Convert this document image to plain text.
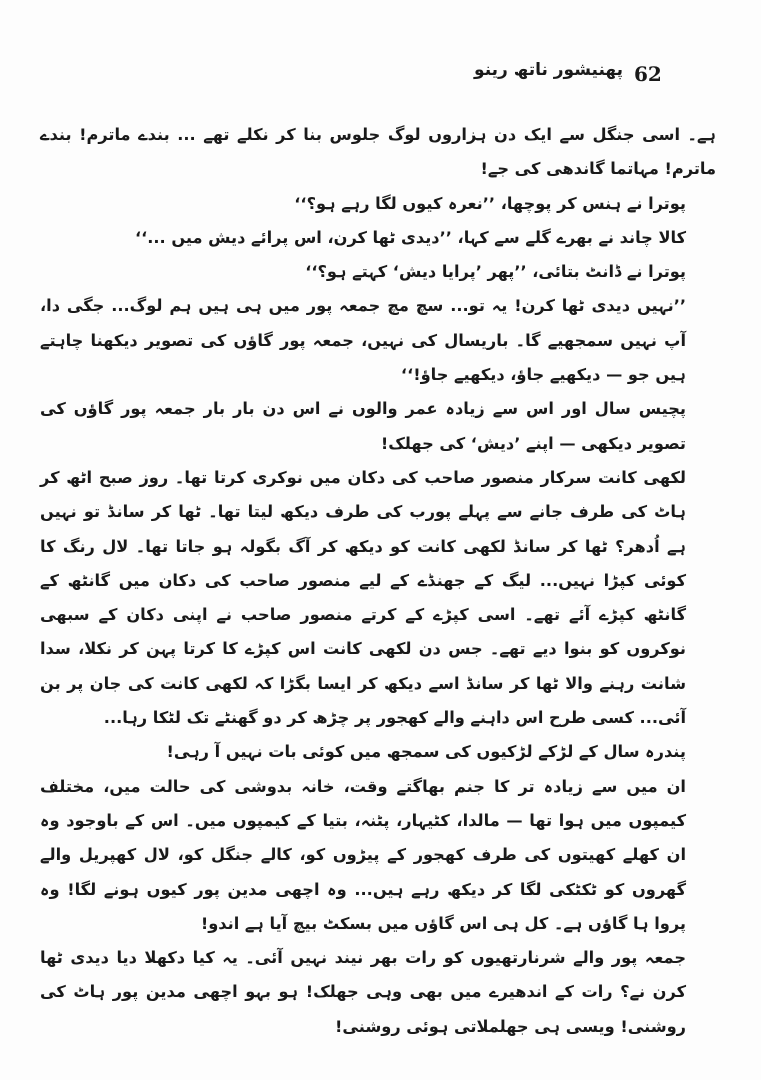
62
پھنیشور ناتھ رینو

ہے۔ اسی جنگل سے ایک دن ہزاروں لوگ جلوس بنا کر نکلے تھے ... بندے ماترم! بندے ماترم! مہاتما گاندھی کی جے!

پوترا نے ہنس کر پوچھا، ’’نعرہ کیوں لگا رہے ہو؟‘‘

کالا چاند نے بھرے گلے سے کہا، ’’دیدی ٹھا کرن، اس پرائے دیش میں ...‘‘

پوترا نے ڈانٹ بتائی، ’’پھر ’پرایا دیش‘ کہتے ہو؟‘‘

’’نہیں دیدی ٹھا کرن! یہ تو... سچ مچ جمعہ پور میں ہی ہیں ہم لوگ... جگی دا، آپ نہیں سمجھیے گا۔ باریسال کی نہیں، جمعہ پور گاؤں کی تصویر دیکھنا چاہتے ہیں جو — دیکھیے جاؤ، دیکھیے جاؤ!‘‘

پچیس سال اور اس سے زیادہ عمر والوں نے اس دن بار بار جمعہ پور گاؤں کی تصویر دیکھی — اپنے ’دیش‘ کی جھلک!

لکھی کانت سرکار منصور صاحب کی دکان میں نوکری کرتا تھا۔ روز صبح اٹھ کر ہاٹ کی طرف جانے سے پہلے پورب کی طرف دیکھ لیتا تھا۔ ٹھا کر سانڈ تو نہیں ہے اُدھر؟ ٹھا کر سانڈ لکھی کانت کو دیکھ کر آگ بگولہ ہو جاتا تھا۔ لال رنگ کا کوئی کپڑا نہیں... لیگ کے جھنڈے کے لیے منصور صاحب کی دکان میں گانٹھ کے گانٹھ کپڑے آئے تھے۔ اسی کپڑے کے کرتے منصور صاحب نے اپنی دکان کے سبھی نوکروں کو بنوا دیے تھے۔ جس دن لکھی کانت اس کپڑے کا کرتا پہن کر نکلا، سدا شانت رہنے والا ٹھا کر سانڈ اسے دیکھ کر ایسا بگڑا کہ لکھی کانت کی جان پر بن آئی... کسی طرح اس داہنے والے کھجور پر چڑھ کر دو گھنٹے تک لٹکا رہا...

پندرہ سال کے لڑکے لڑکیوں کی سمجھ میں کوئی بات نہیں آ رہی!

ان میں سے زیادہ تر کا جنم بھاگتے وقت، خانہ بدوشی کی حالت میں، مختلف کیمپوں میں ہوا تھا — مالدا، کٹیہار، پٹنہ، بتیا کے کیمپوں میں۔ اس کے باوجود وہ ان کھلے کھیتوں کی طرف کھجور کے پیڑوں کو، کالے جنگل کو، لال کھپریل والے گھروں کو ٹکٹکی لگا کر دیکھ رہے ہیں... وہ اچھی مدین پور کیوں ہونے لگا! وہ پروا ہا گاؤں ہے۔ کل ہی اس گاؤں میں بسکٹ بیچ آیا ہے اندو!

جمعہ پور والے شرنارتھیوں کو رات بھر نیند نہیں آئی۔ یہ کیا دکھلا دیا دیدی ٹھا کرن نے؟ رات کے اندھیرے میں بھی وہی جھلک! ہو بہو اچھی مدین پور ہاٹ کی روشنی! ویسی ہی جھلملاتی ہوئی روشنی!
